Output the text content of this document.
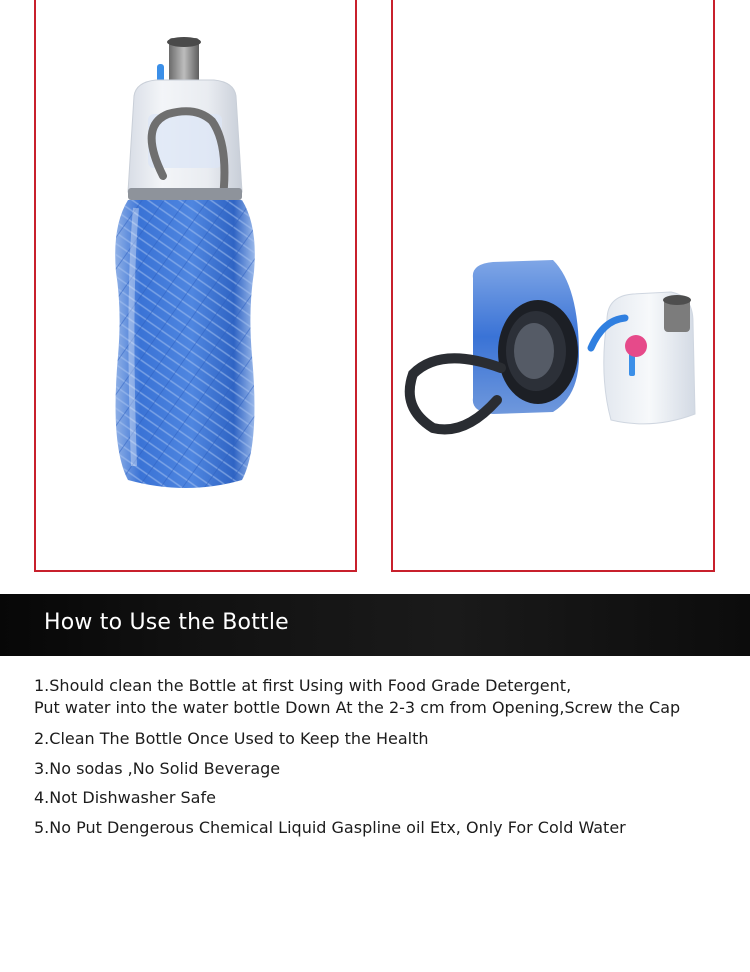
How to Use the Bottle
1.Should clean the Bottle at first Using with Food Grade Detergent,
Put water into the water bottle Down At the 2-3 cm from Opening,Screw the Cap
2.Clean The Bottle Once Used to Keep the Health
3.No sodas ,No Solid Beverage
4.Not Dishwasher Safe
5.No Put Dengerous Chemical Liquid Gaspline oil Etx, Only For Cold Water
